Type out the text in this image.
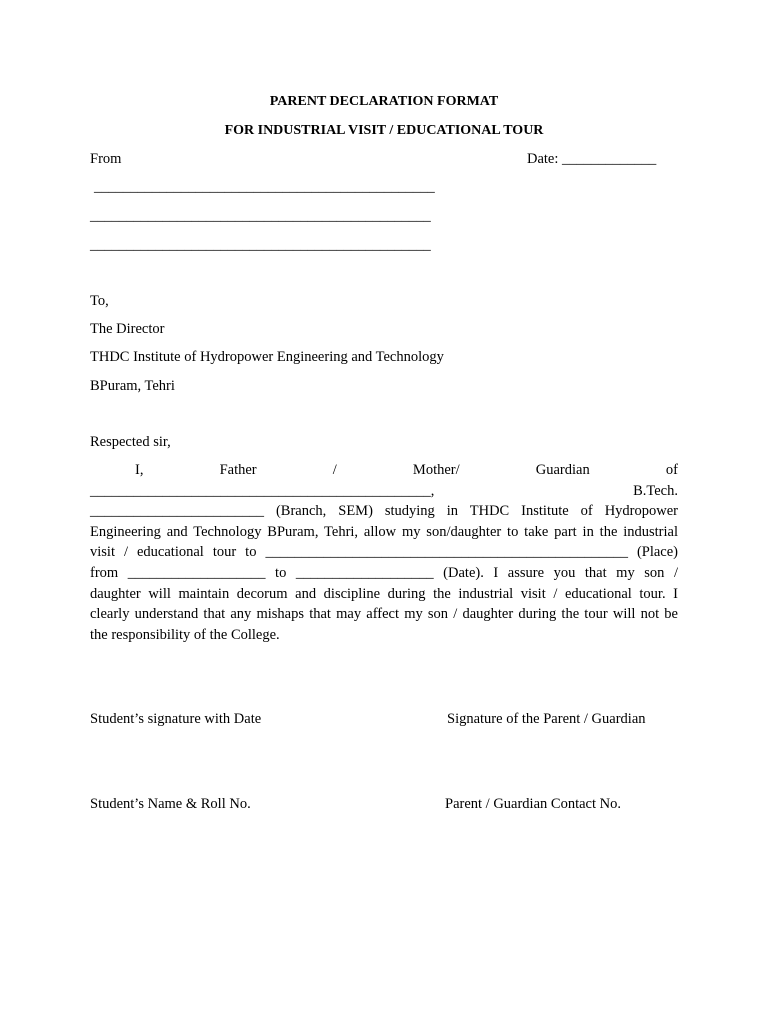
PARENT DECLARATION FORMAT
FOR INDUSTRIAL VISIT / EDUCATIONAL TOUR
From	Date: _____________
_______________________________________________
_______________________________________________
_______________________________________________
To,
The Director
THDC Institute of Hydropower Engineering and Technology
BPuram, Tehri
Respected sir,
I,	Father	/	Mother/	Guardian	of
_______________________________________________,	B.Tech.
________________________ (Branch, SEM) studying in THDC Institute of Hydropower
Engineering and Technology BPuram, Tehri, allow my son/daughter to take part in the industrial
visit / educational tour to __________________________________________________ (Place)
from ___________________ to ___________________ (Date). I assure you that my son /
daughter will maintain decorum and discipline during the industrial visit / educational tour. I
clearly understand that any mishaps that may affect my son / daughter during the tour will not be
the responsibility of the College.
Student’s signature with Date	Signature of the Parent / Guardian
Student’s Name & Roll No.	Parent / Guardian Contact No.
